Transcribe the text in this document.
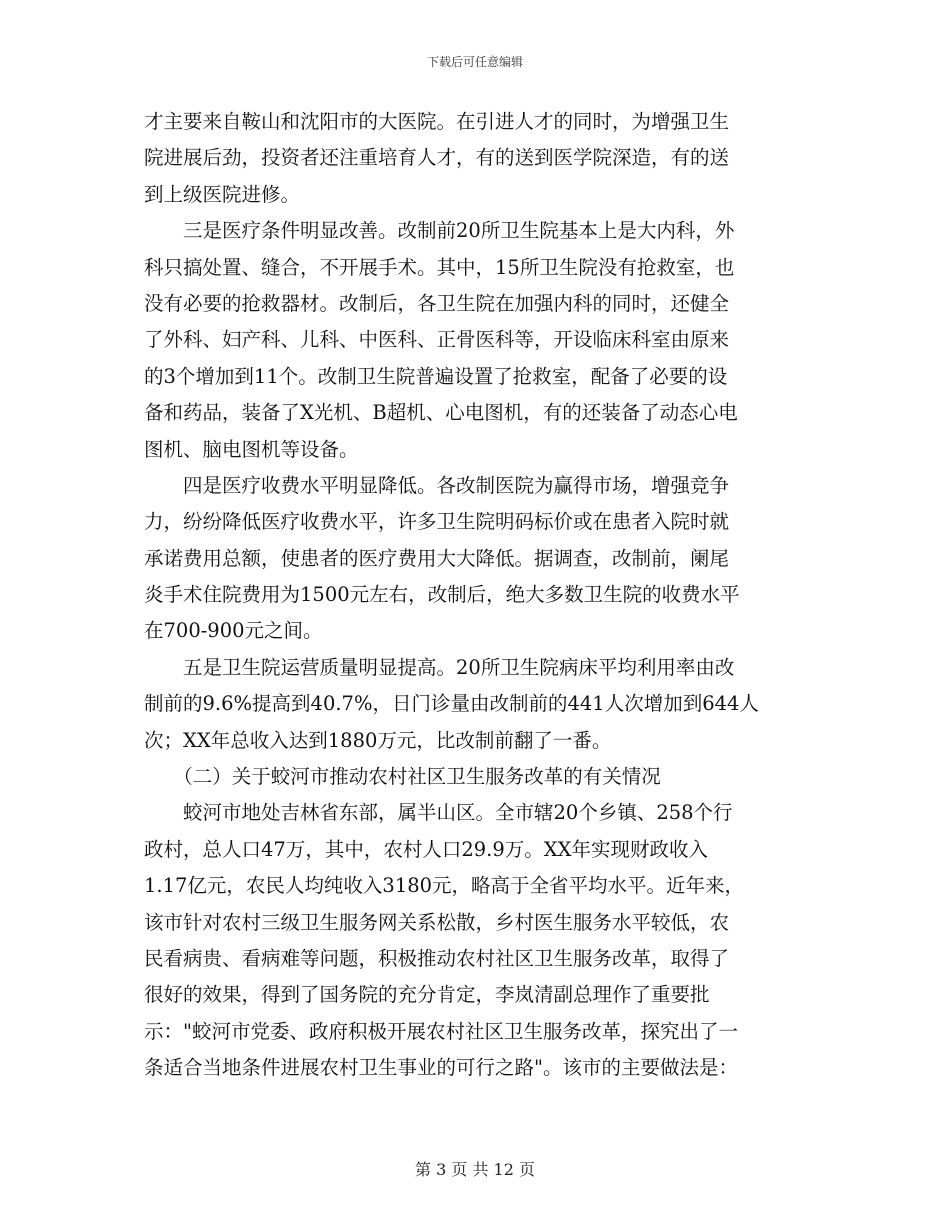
下载后可任意编辑
才主要来自鞍山和沈阳市的大医院。在引进人才的同时，为增强卫生
院进展后劲，投资者还注重培育人才，有的送到医学院深造，有的送
到上级医院进修。
　　三是医疗条件明显改善。改制前20所卫生院基本上是大内科，外
科只搞处置、缝合，不开展手术。其中，15所卫生院没有抢救室，也
没有必要的抢救器材。改制后，各卫生院在加强内科的同时，还健全
了外科、妇产科、儿科、中医科、正骨医科等，开设临床科室由原来
的3个增加到11个。改制卫生院普遍设置了抢救室，配备了必要的设
备和药品，装备了X光机、B超机、心电图机，有的还装备了动态心电
图机、脑电图机等设备。
　　四是医疗收费水平明显降低。各改制医院为赢得市场，增强竞争
力，纷纷降低医疗收费水平，许多卫生院明码标价或在患者入院时就
承诺费用总额，使患者的医疗费用大大降低。据调查，改制前，阑尾
炎手术住院费用为1500元左右，改制后，绝大多数卫生院的收费水平
在700-900元之间。
　　五是卫生院运营质量明显提高。20所卫生院病床平均利用率由改
制前的9.6%提高到40.7%，日门诊量由改制前的441人次增加到644人
次；XX年总收入达到1880万元，比改制前翻了一番。
　　（二）关于蛟河市推动农村社区卫生服务改革的有关情况
　　蛟河市地处吉林省东部，属半山区。全市辖20个乡镇、258个行
政村，总人口47万，其中，农村人口29.9万。XX年实现财政收入
1.17亿元，农民人均纯收入3180元，略高于全省平均水平。近年来，
该市针对农村三级卫生服务网关系松散，乡村医生服务水平较低，农
民看病贵、看病难等问题，积极推动农村社区卫生服务改革，取得了
很好的效果，得到了国务院的充分肯定，李岚清副总理作了重要批
示："蛟河市党委、政府积极开展农村社区卫生服务改革，探究出了一
条适合当地条件进展农村卫生事业的可行之路"。该市的主要做法是：
第 3 页 共 12 页
